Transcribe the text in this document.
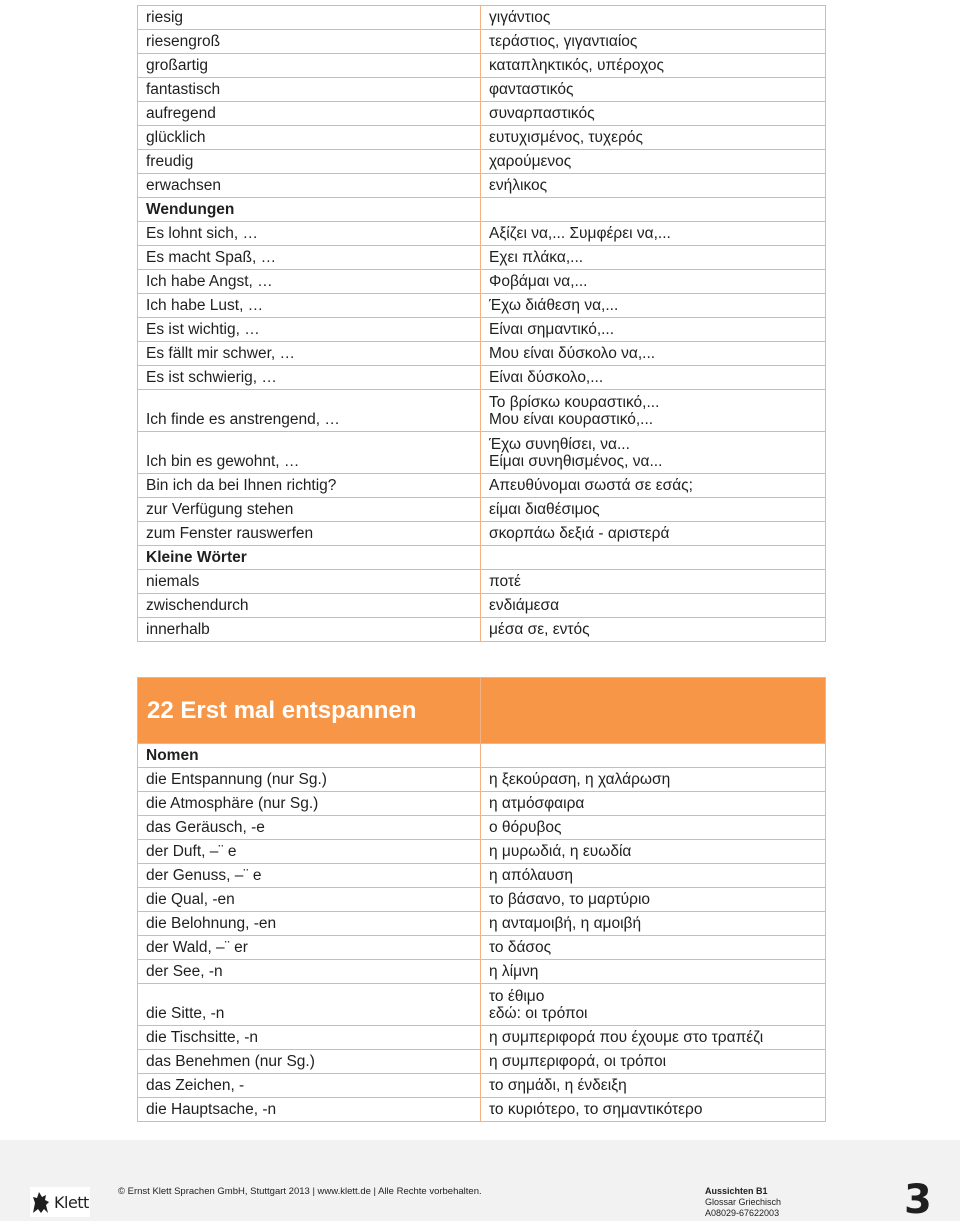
riesig	γιγάντιος
riesengroß	τεράστιος, γιγαντιαίος
großartig	καταπληκτικός, υπέροχος
fantastisch	φανταστικός
aufregend	συναρπαστικός
glücklich	ευτυχισμένος, τυχερός
freudig	χαρούμενος
erwachsen	ενήλικος
Wendungen	
Es lohnt sich, …	Αξίζει να,... Συμφέρει να,...
Es macht Spaß, …	Εχει πλάκα,...
Ich habe Angst, …	Φοβάμαι να,...
Ich habe Lust, …	Έχω διάθεση να,...
Es ist wichtig, …	Είναι σημαντικό,...
Es fällt mir schwer, …	Μου είναι δύσκολο να,...
Es ist schwierig, …	Είναι δύσκολο,...
Ich finde es anstrengend, …	Το βρίσκω κουραστικό,...
Μου είναι κουραστικό,...

Ich bin es gewohnt, …	Έχω συνηθίσει, να...
Είμαι συνηθισμένος, να...

Bin ich da bei Ihnen richtig?	Απευθύνομαι σωστά σε εσάς;
zur Verfügung stehen	είμαι διαθέσιμος
zum Fenster rauswerfen	σκορπάω δεξιά - αριστερά
Kleine Wörter	
niemals	ποτέ
zwischendurch	ενδιάμεσα
innerhalb	μέσα σε, εντός
22 Erst mal entspannen	
Nomen	
die Entspannung (nur Sg.)	η ξεκούραση, η χαλάρωση
die Atmosphäre (nur Sg.)	η ατμόσφαιρα
das Geräusch, -e	ο θόρυβος
der Duft, –¨ e	η μυρωδιά, η ευωδία
der Genuss, –¨ e	η απόλαυση
die Qual, -en	το βάσανο, το μαρτύριο
die Belohnung, -en	η ανταμοιβή, η αμοιβή
der Wald, –¨ er	το δάσος
der See, -n	η λίμνη
die Sitte, -n	το έθιμο
εδώ: οι τρόποι

die Tischsitte, -n	η συμπεριφορά που έχουμε στο τραπέζι
das Benehmen (nur Sg.)	η συμπεριφορά, οι τρόποι
das Zeichen, -	το σημάδι, η ένδειξη
die Hauptsache, -n	το κυριότερο, το σημαντικότερο
Klett
© Ernst Klett Sprachen GmbH, Stuttgart 2013 | www.klett.de | Alle Rechte vorbehalten.	Aussichten B1
Glossar Griechisch
A08029-67622003	3
